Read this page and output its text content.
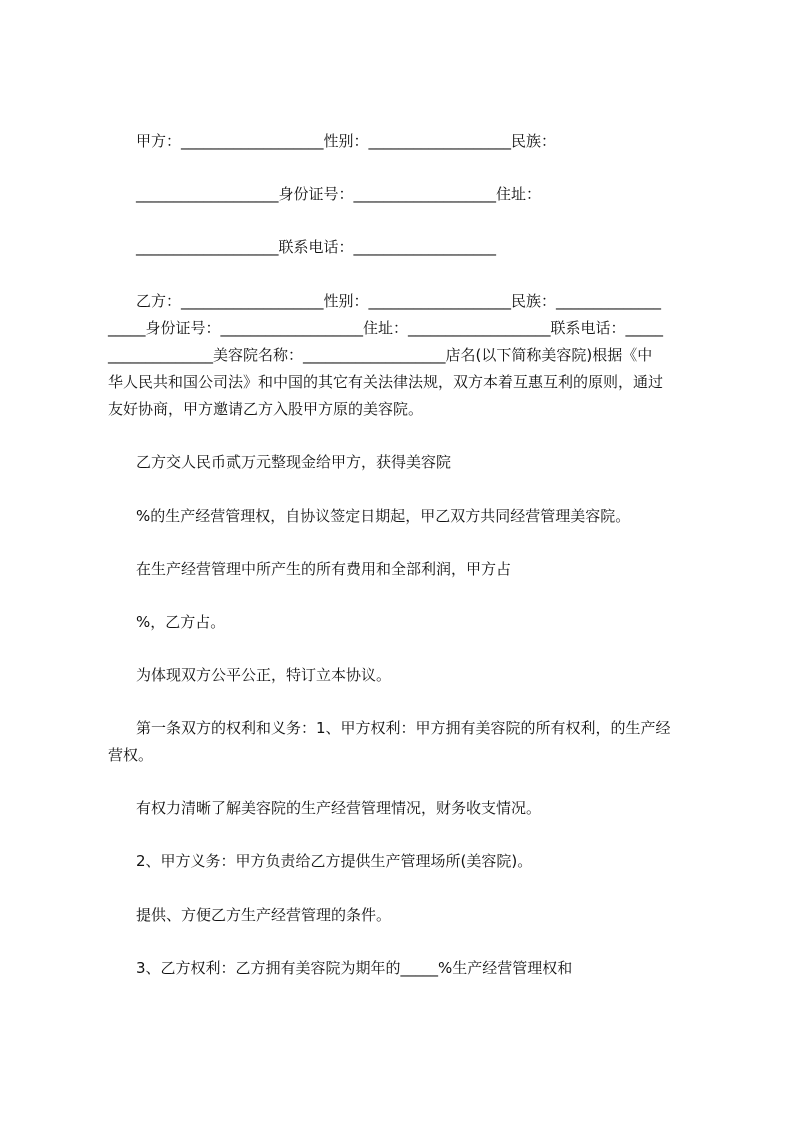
甲方：___________________性别：___________________民族：
___________________身份证号：___________________住址：
___________________联系电话：___________________
乙方：___________________性别：___________________民族：______________
_____身份证号：___________________住址：___________________联系电话：_____
______________美容院名称：___________________店名(以下简称美容院)根据《中
华人民共和国公司法》和中国的其它有关法律法规，双方本着互惠互利的原则，通过
友好协商，甲方邀请乙方入股甲方原的美容院。
乙方交人民币贰万元整现金给甲方，获得美容院
%的生产经营管理权，自协议签定日期起，甲乙双方共同经营管理美容院。
在生产经营管理中所产生的所有费用和全部利润，甲方占
%，乙方占。
为体现双方公平公正，特订立本协议。
第一条双方的权利和义务：1、甲方权利：甲方拥有美容院的所有权利，的生产经
营权。
有权力清晰了解美容院的生产经营管理情况，财务收支情况。
2、甲方义务：甲方负责给乙方提供生产管理场所(美容院)。
提供、方便乙方生产经营管理的条件。
3、乙方权利：乙方拥有美容院为期年的_____%生产经营管理权和
